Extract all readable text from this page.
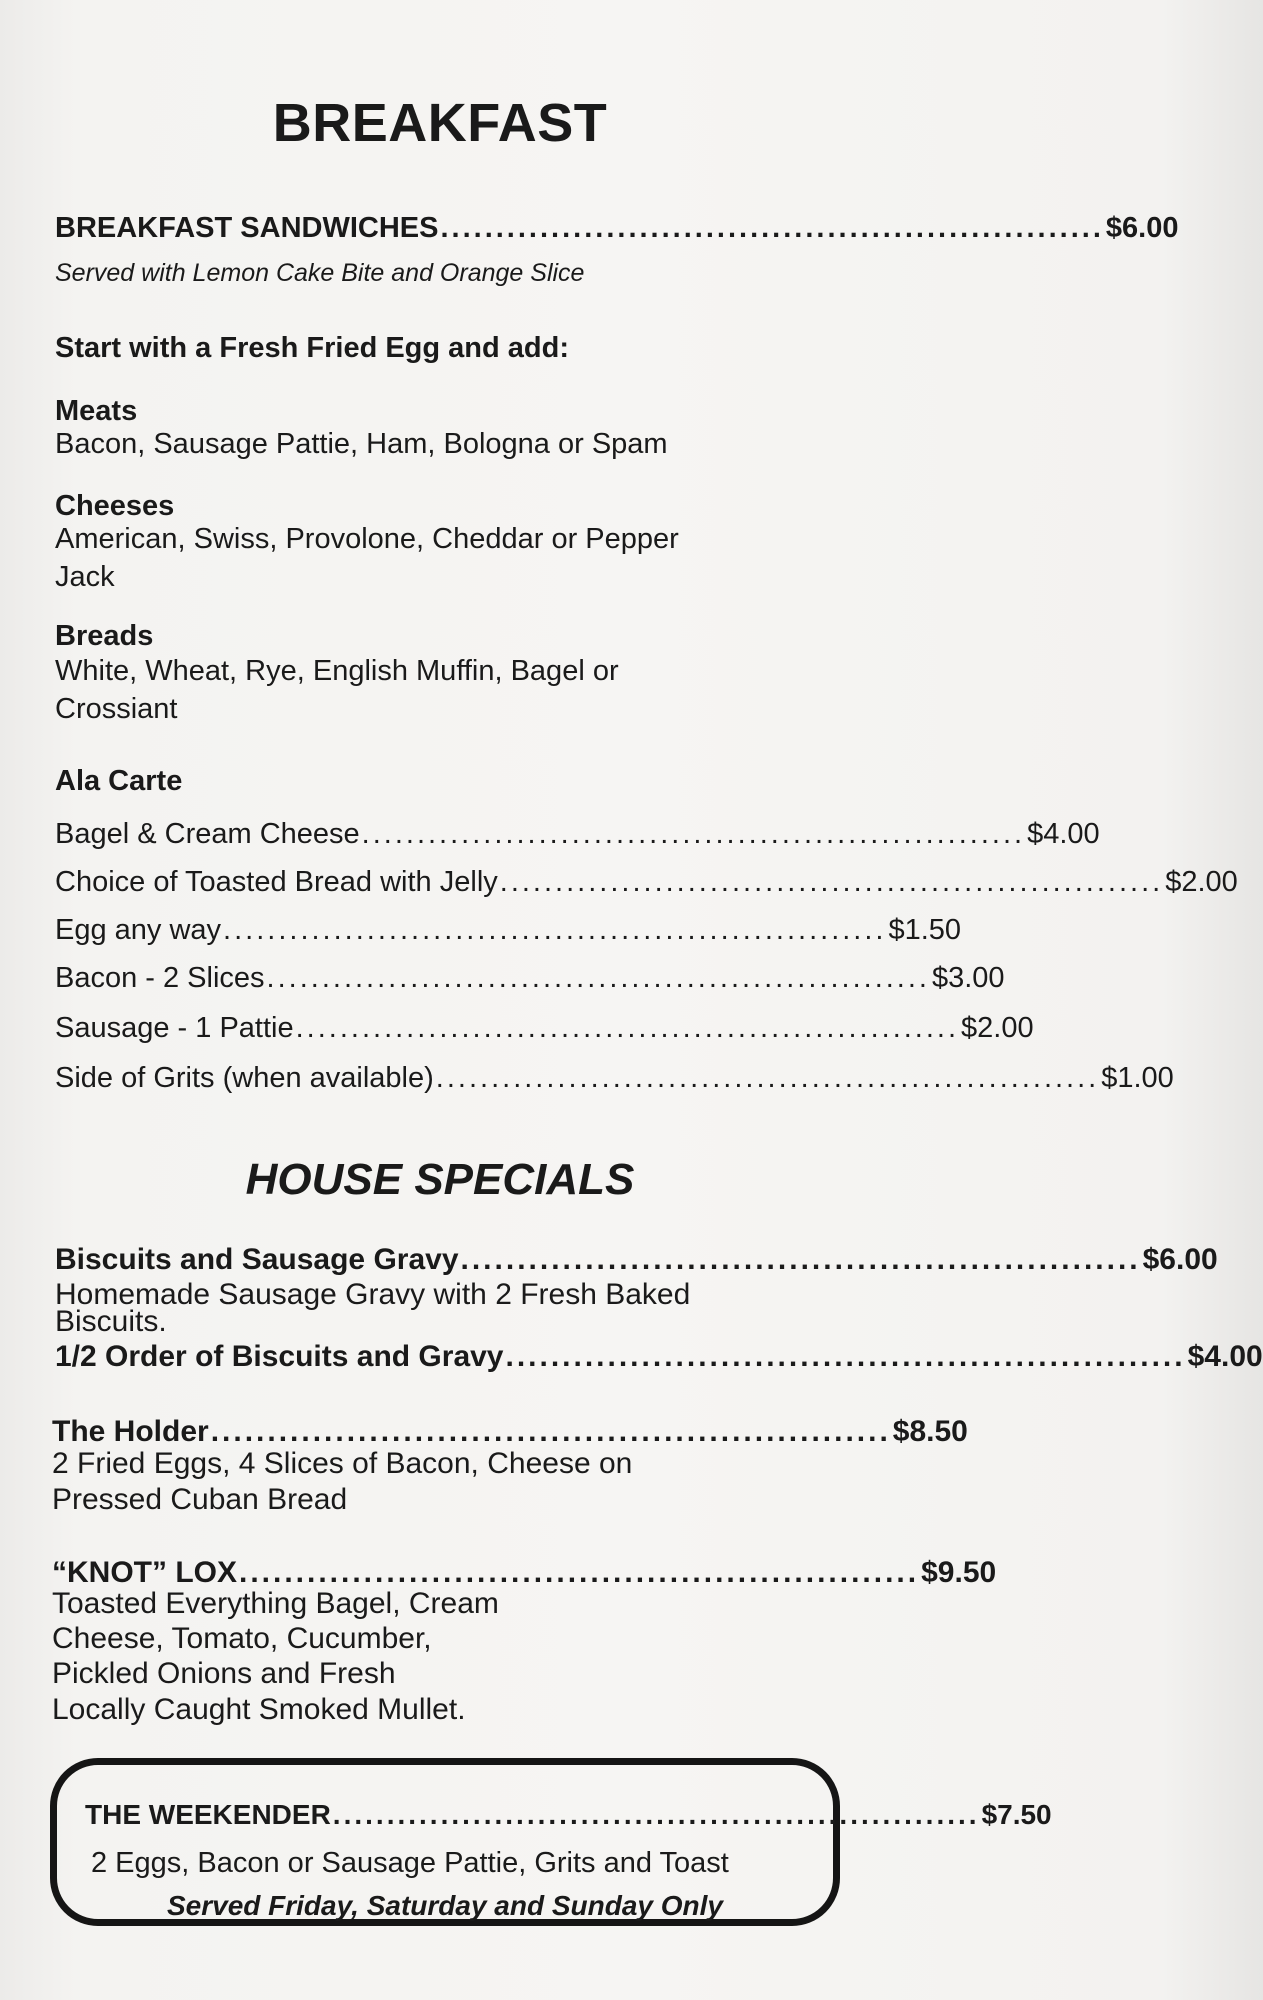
BREAKFAST
BREAKFAST SANDWICHES ............................................................ $6.00
Served with Lemon Cake Bite and Orange Slice
Start with a Fresh Fried Egg and add:
Meats
Bacon, Sausage Pattie, Ham, Bologna or Spam
Cheeses
American, Swiss, Provolone, Cheddar or Pepper
Jack
Breads
White, Wheat, Rye, English Muffin, Bagel or
Crossiant
Ala Carte
Bagel & Cream Cheese ............................................................ $4.00
Choice of Toasted Bread with Jelly ............................................................ $2.00
Egg any way ............................................................ $1.50
Bacon - 2 Slices ............................................................ $3.00
Sausage - 1 Pattie ............................................................ $2.00
Side of Grits (when available) ............................................................ $1.00
HOUSE SPECIALS
Biscuits and Sausage Gravy ............................................................ $6.00
Homemade Sausage Gravy with 2 Fresh Baked
Biscuits.
1/2 Order of Biscuits and Gravy ............................................................ $4.00
The Holder ............................................................ $8.50
2 Fried Eggs, 4 Slices of Bacon, Cheese on
Pressed Cuban Bread
“KNOT” LOX ............................................................ $9.50
Toasted Everything Bagel, Cream
Cheese, Tomato, Cucumber,
Pickled Onions and Fresh
Locally Caught Smoked Mullet.
THE WEEKENDER ............................................................ $7.50
2 Eggs, Bacon or Sausage Pattie, Grits and Toast
Served Friday, Saturday and Sunday Only
